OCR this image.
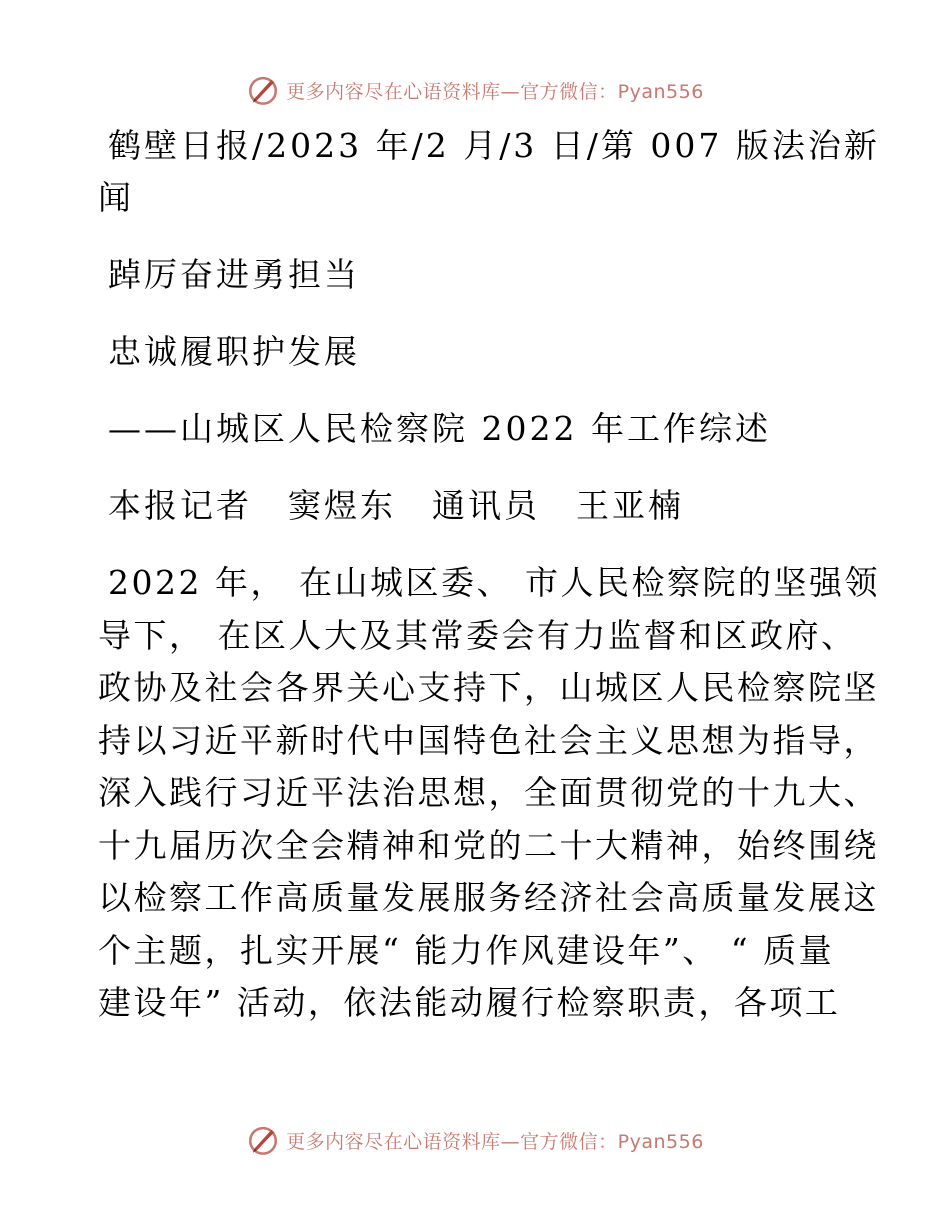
更多内容尽在心语资料库—官方微信：Pyan556

鹤壁日报/2023 年/2 月/3 日/第 007 版法治新

闻

踔厉奋进勇担当

忠诚履职护发展

——山城区人民检察院 2022 年工作综述

本报记者　窦煜东　通讯员　王亚楠

2022 年， 在山城区委、 市人民检察院的坚强领
导下， 在区人大及其常委会有力监督和区政府、
政协及社会各界关心支持下，山城区人民检察院坚
持以习近平新时代中国特色社会主义思想为指导，
深入践行习近平法治思想，全面贯彻党的十九大、
十九届历次全会精神和党的二十大精神，始终围绕
以检察工作高质量发展服务经济社会高质量发展这
个主题，扎实开展“ 能力作风建设年”、 “ 质量
建设年” 活动，依法能动履行检察职责，各项工
更多内容尽在心语资料库—官方微信：Pyan556
